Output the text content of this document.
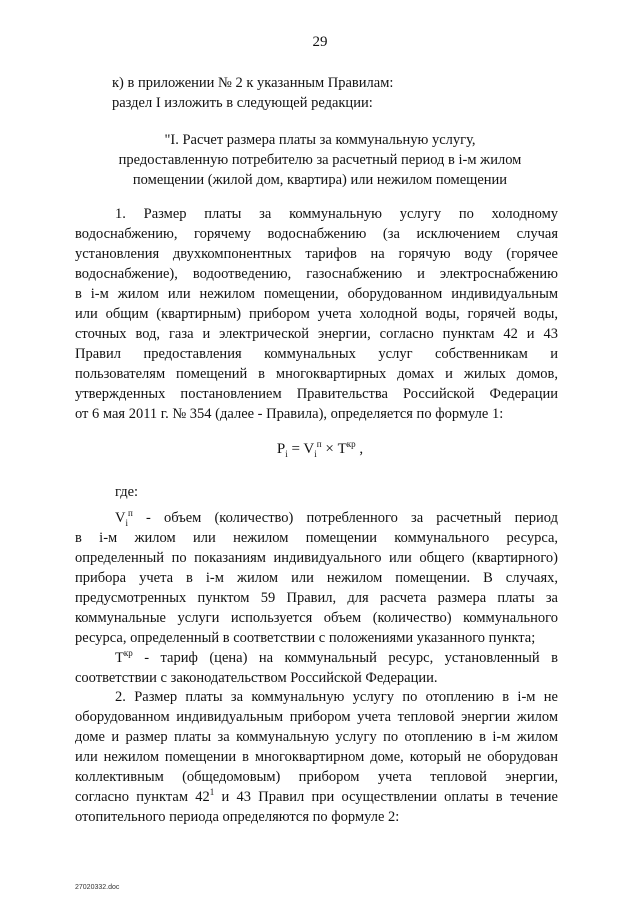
29
к) в приложении № 2 к указанным Правилам:
раздел I изложить в следующей редакции:
"I. Расчет размера платы за коммунальную услугу,
предоставленную потребителю за расчетный период в i-м жилом
помещении (жилой дом, квартира) или нежилом помещении
1. Размер платы за коммунальную услугу по холодному
водоснабжению, горячему водоснабжению (за исключением случая
установления двухкомпонентных тарифов на горячую воду (горячее
водоснабжение), водоотведению, газоснабжению и электроснабжению
в i-м жилом или нежилом помещении, оборудованном индивидуальным
или общим (квартирным) прибором учета холодной воды, горячей воды,
сточных вод, газа и электрической энергии, согласно пунктам 42 и 43
Правил предоставления коммунальных услуг собственникам и
пользователям помещений в многоквартирных домах и жилых домов,
утвержденных постановлением Правительства Российской Федерации
от 6 мая 2011 г. № 354 (далее - Правила), определяется по формуле 1:
$P_i = V_i^п \times T^{кр}$ ,
где:
$V_i^п$ - объем (количество) потребленного за расчетный период
в i-м жилом или нежилом помещении коммунального ресурса,
определенный по показаниям индивидуального или общего (квартирного)
прибора учета в i-м жилом или нежилом помещении. В случаях,
предусмотренных пунктом 59 Правил, для расчета размера платы за
коммунальные услуги используется объем (количество) коммунального
ресурса, определенный в соответствии с положениями указанного пункта;
$T^{кр}$ - тариф (цена) на коммунальный ресурс, установленный в
соответствии с законодательством Российской Федерации.
2. Размер платы за коммунальную услугу по отоплению в i-м не
оборудованном индивидуальным прибором учета тепловой энергии жилом
доме и размер платы за коммунальную услугу по отоплению в i-м жилом
или нежилом помещении в многоквартирном доме, который не оборудован
коллективным (общедомовым) прибором учета тепловой энергии,
согласно пунктам $42^1$ и 43 Правил при осуществлении оплаты в течение
отопительного периода определяются по формуле 2:
27020332.doc
